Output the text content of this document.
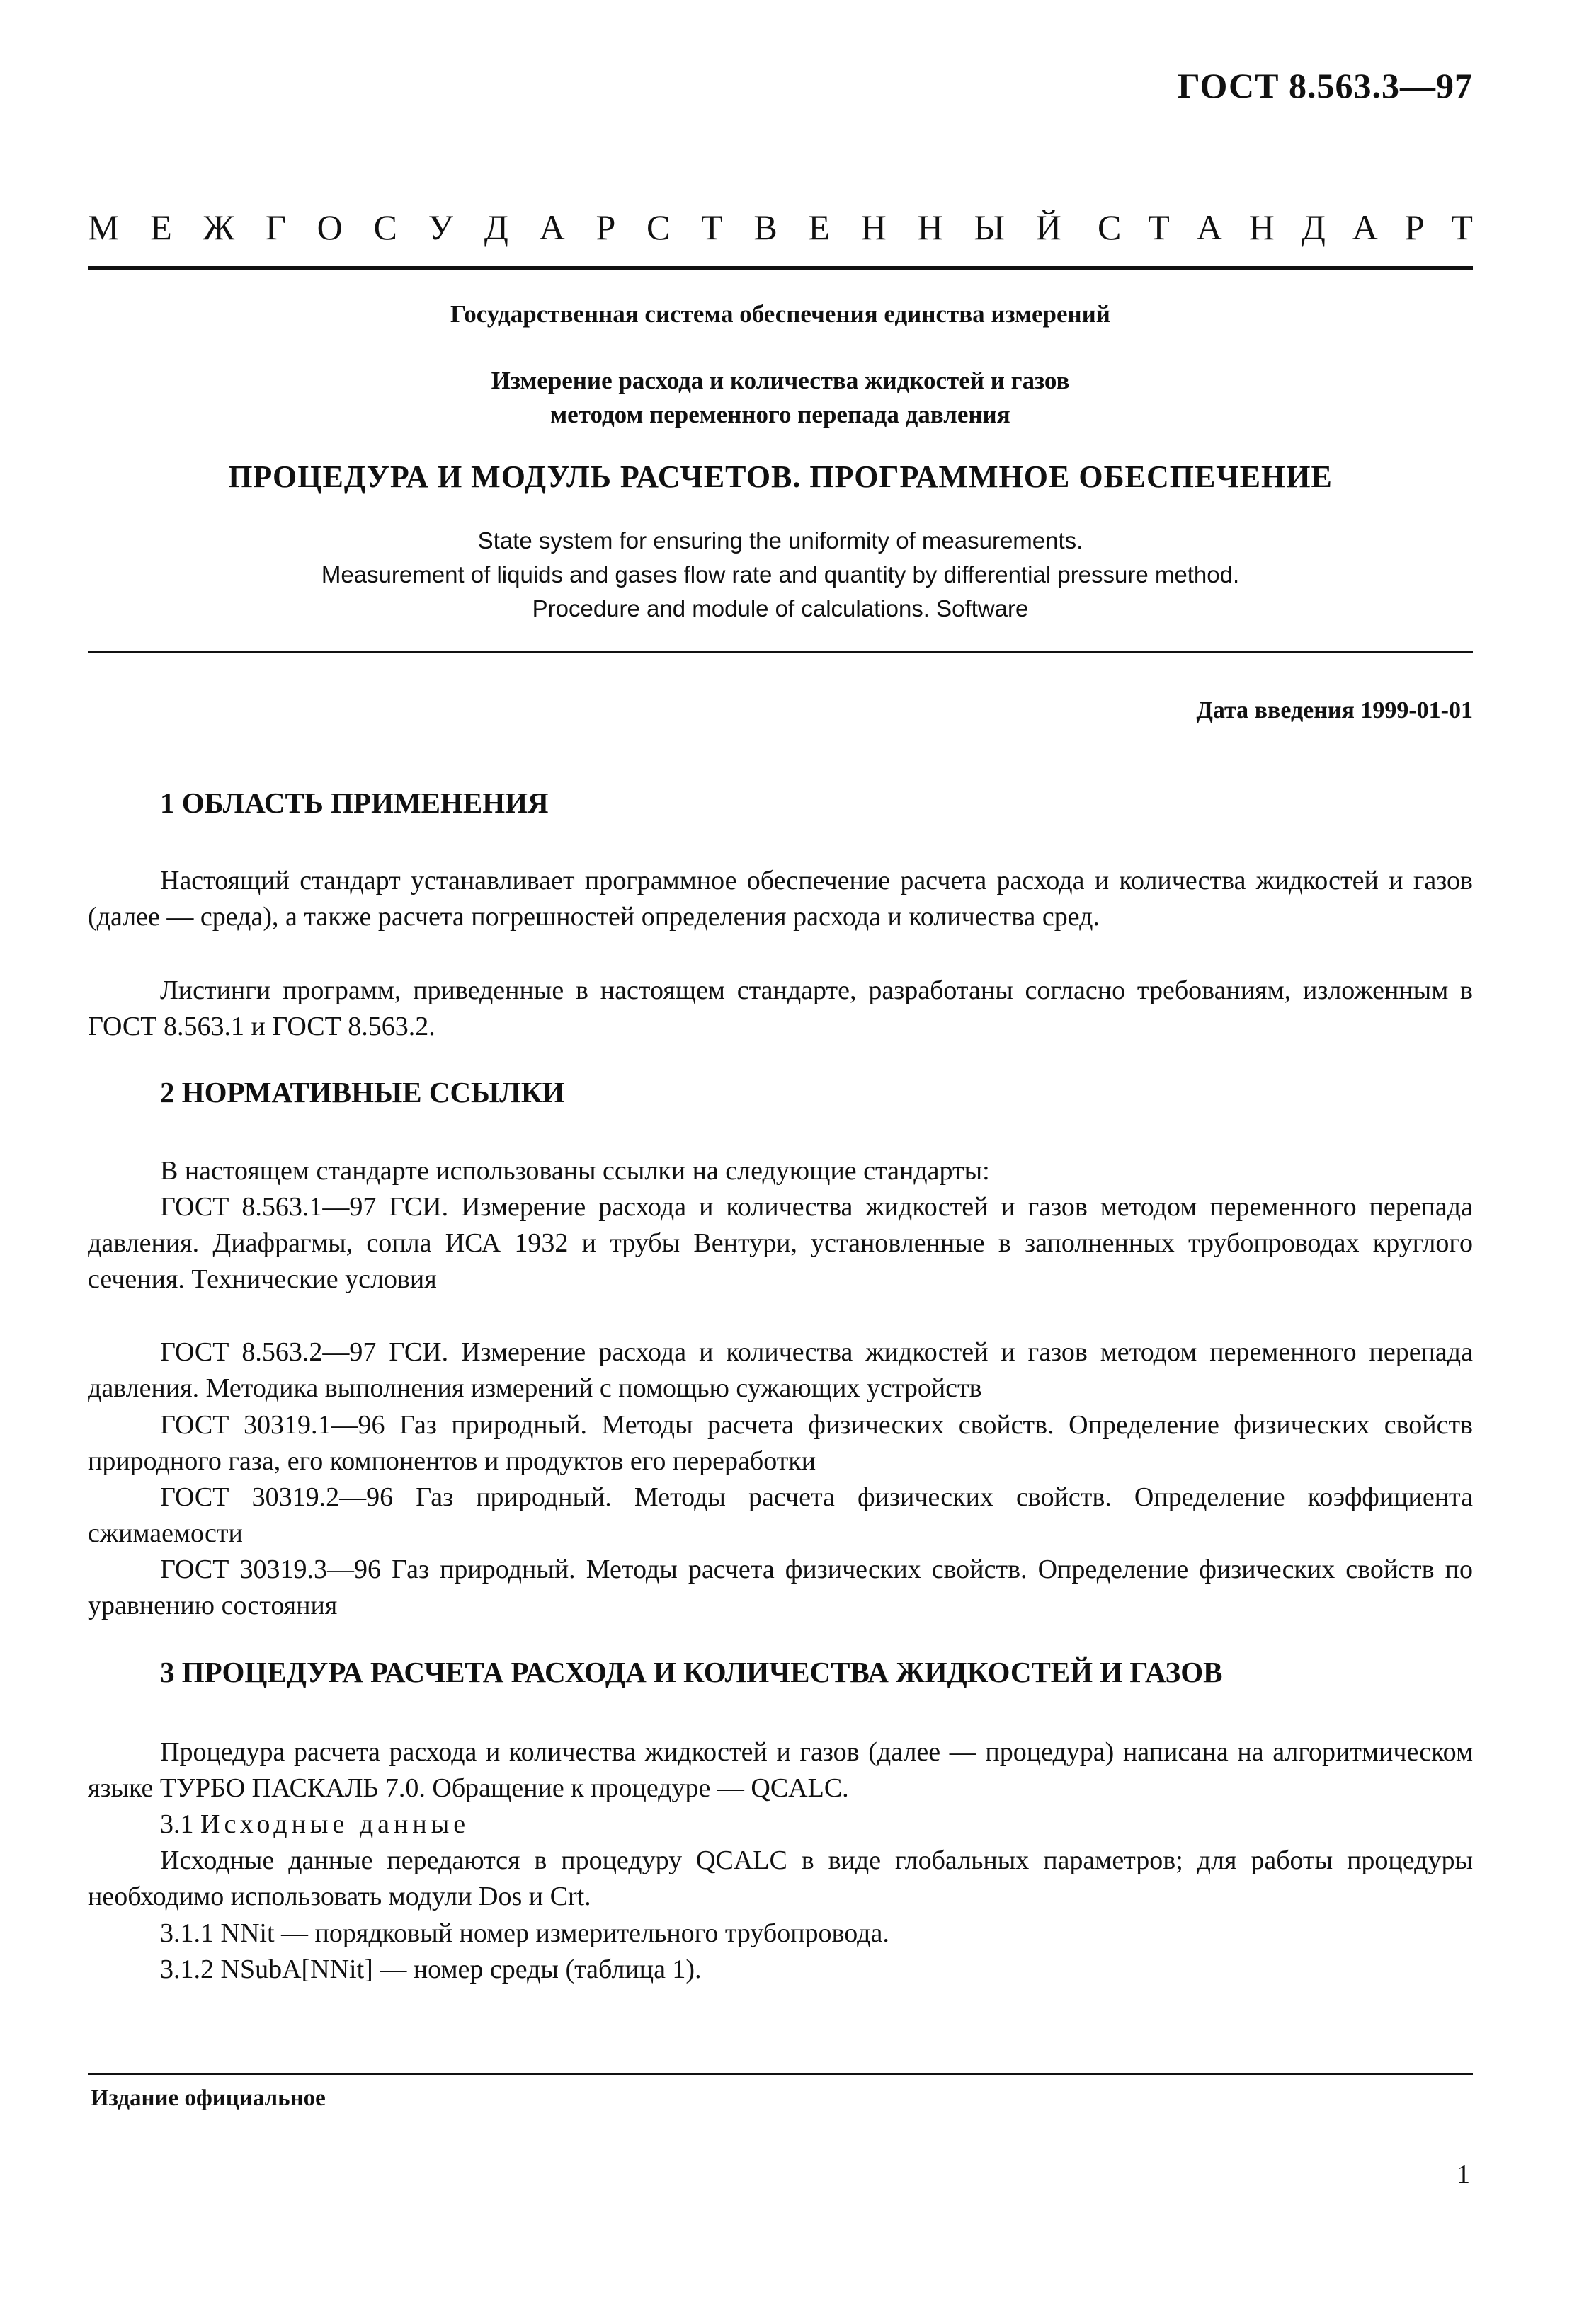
ГОСТ 8.563.3—97
М Е Ж Г О С У Д А Р С Т В Е Н Н Ы Й С Т А Н Д А Р Т
Государственная система обеспечения единства измерений
Измерение расхода и количества жидкостей и газов
методом переменного перепада давления
ПРОЦЕДУРА И МОДУЛЬ РАСЧЕТОВ. ПРОГРАММНОЕ ОБЕСПЕЧЕНИЕ
State system for ensuring the uniformity of measurements.
Measurement of liquids and gases flow rate and quantity by differential pressure method.
Procedure and module of calculations. Software
Дата введения 1999-01-01
1 ОБЛАСТЬ ПРИМЕНЕНИЯ
Настоящий стандарт устанавливает программное обеспечение расчета расхода и количества жидкостей и газов (далее — среда), а также расчета погрешностей определения расхода и количества сред.
Листинги программ, приведенные в настоящем стандарте, разработаны согласно требованиям, изложенным в ГОСТ 8.563.1 и ГОСТ 8.563.2.
2 НОРМАТИВНЫЕ ССЫЛКИ
В настоящем стандарте использованы ссылки на следующие стандарты:
ГОСТ 8.563.1—97 ГСИ. Измерение расхода и количества жидкостей и газов методом переменного перепада давления. Диафрагмы, сопла ИСА 1932 и трубы Вентури, установленные в заполненных трубопроводах круглого сечения. Технические условия
ГОСТ 8.563.2—97 ГСИ. Измерение расхода и количества жидкостей и газов методом переменного перепада давления. Методика выполнения измерений с помощью сужающих устройств
ГОСТ 30319.1—96 Газ природный. Методы расчета физических свойств. Определение физических свойств природного газа, его компонентов и продуктов его переработки
ГОСТ 30319.2—96 Газ природный. Методы расчета физических свойств. Определение коэффициента сжимаемости
ГОСТ 30319.3—96 Газ природный. Методы расчета физических свойств. Определение физических свойств по уравнению состояния
3 ПРОЦЕДУРА РАСЧЕТА РАСХОДА И КОЛИЧЕСТВА ЖИДКОСТЕЙ И ГАЗОВ
Процедура расчета расхода и количества жидкостей и газов (далее — процедура) написана на алгоритмическом языке ТУРБО ПАСКАЛЬ 7.0. Обращение к процедуре — QCALC.
3.1 Исходные данные
Исходные данные передаются в процедуру QCALC в виде глобальных параметров; для работы процедуры необходимо использовать модули Dos и Crt.
3.1.1 NNit — порядковый номер измерительного трубопровода.
3.1.2 NSubA[NNit] — номер среды (таблица 1).
Издание официальное
1
